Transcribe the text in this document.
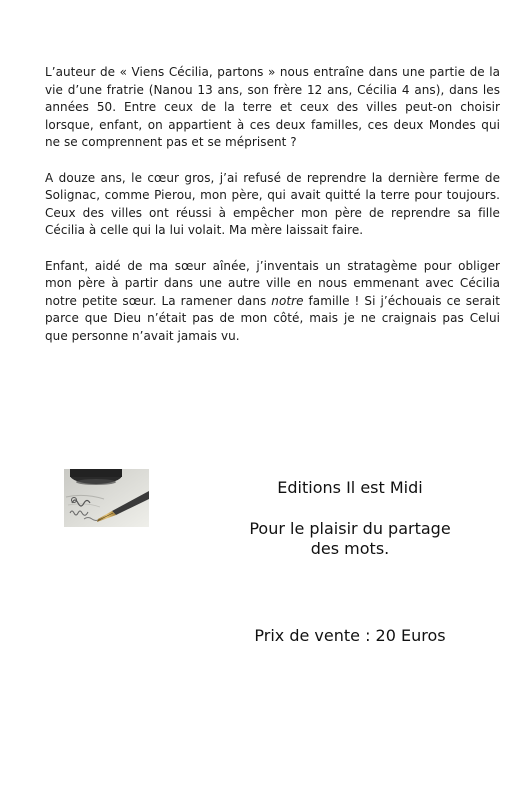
L’auteur de « Viens Cécilia, partons » nous entraîne dans une partie de la vie d’une fratrie (Nanou 13 ans, son frère 12 ans, Cécilia 4 ans), dans les années 50. Entre ceux de la terre et ceux des villes peut-on choisir lorsque, enfant, on appartient à ces deux familles, ces deux Mondes qui ne se comprennent pas et se méprisent ?

A douze ans, le cœur gros, j’ai refusé de reprendre la dernière ferme de Solignac, comme Pierou, mon père, qui avait quitté la terre pour toujours. Ceux des villes ont réussi à empêcher mon père de reprendre sa fille Cécilia à celle qui la lui volait. Ma mère laissait faire.

Enfant, aidé de ma sœur aînée, j’inventais un stratagème pour obliger mon père à partir dans une autre ville en nous emmenant avec Cécilia notre petite sœur. La ramener dans notre famille ! Si j’échouais ce serait parce que Dieu n’était pas de mon côté, mais je ne craignais pas Celui que personne n’avait jamais vu.

Editions Il est Midi

Pour le plaisir du partage
des mots.

Prix de vente : 20 Euros
